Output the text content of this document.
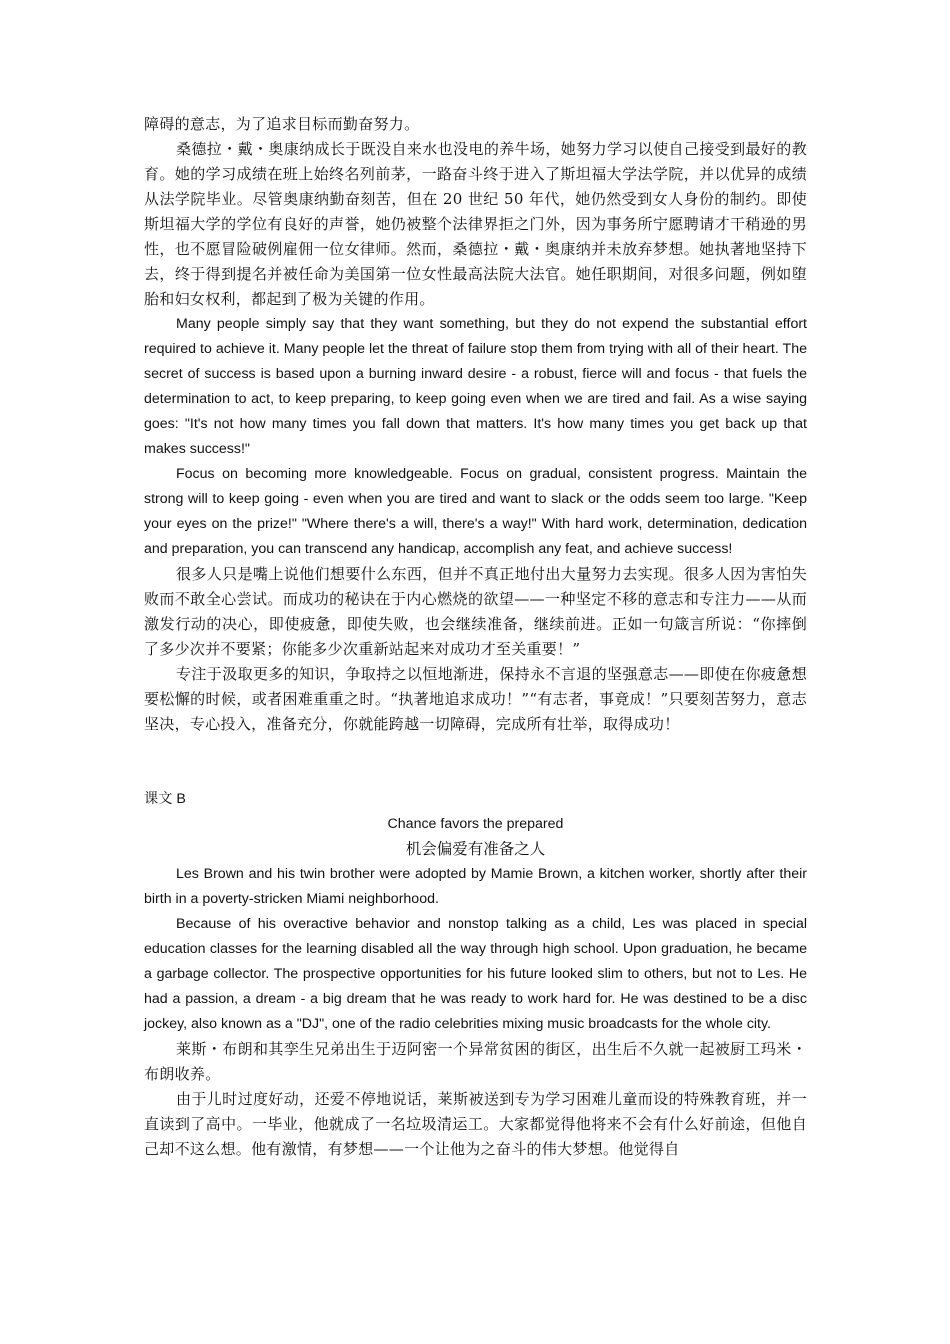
障碍的意志，为了追求目标而勤奋努力。

桑德拉・戴・奥康纳成长于既没自来水也没电的养牛场，她努力学习以使自己接受到最好的教育。她的学习成绩在班上始终名列前茅，一路奋斗终于进入了斯坦福大学法学院，并以优异的成绩从法学院毕业。尽管奥康纳勤奋刻苦，但在 20 世纪 50 年代，她仍然受到女人身份的制约。即使斯坦福大学的学位有良好的声誉，她仍被整个法律界拒之门外，因为事务所宁愿聘请才干稍逊的男性，也不愿冒险破例雇佣一位女律师。然而，桑德拉・戴・奥康纳并未放弃梦想。她执著地坚持下去，终于得到提名并被任命为美国第一位女性最高法院大法官。她任职期间，对很多问题，例如堕胎和妇女权利，都起到了极为关键的作用。

Many people simply say that they want something, but they do not expend the substantial effort required to achieve it. Many people let the threat of failure stop them from trying with all of their heart. The secret of success is based upon a burning inward desire - a robust, fierce will and focus - that fuels the determination to act, to keep preparing, to keep going even when we are tired and fail. As a wise saying goes: "It's not how many times you fall down that matters. It's how many times you get back up that makes success!"

Focus on becoming more knowledgeable. Focus on gradual, consistent progress. Maintain the strong will to keep going - even when you are tired and want to slack or the odds seem too large. "Keep your eyes on the prize!" "Where there's a will, there's a way!" With hard work, determination, dedication and preparation, you can transcend any handicap, accomplish any feat, and achieve success!

很多人只是嘴上说他们想要什么东西，但并不真正地付出大量努力去实现。很多人因为害怕失败而不敢全心尝试。而成功的秘诀在于内心燃烧的欲望——一种坚定不移的意志和专注力——从而激发行动的决心，即使疲惫，即使失败，也会继续准备，继续前进。正如一句箴言所说：“你摔倒了多少次并不要紧；你能多少次重新站起来对成功才至关重要！”

专注于汲取更多的知识，争取持之以恒地渐进，保持永不言退的坚强意志——即使在你疲惫想要松懈的时候，或者困难重重之时。“执著地追求成功！”“有志者，事竟成！”只要刻苦努力，意志坚决，专心投入，准备充分，你就能跨越一切障碍，完成所有壮举，取得成功！

课文 B

Chance favors the prepared

机会偏爱有准备之人

Les Brown and his twin brother were adopted by Mamie Brown, a kitchen worker, shortly after their birth in a poverty-stricken Miami neighborhood.

Because of his overactive behavior and nonstop talking as a child, Les was placed in special education classes for the learning disabled all the way through high school. Upon graduation, he became a garbage collector. The prospective opportunities for his future looked slim to others, but not to Les. He had a passion, a dream - a big dream that he was ready to work hard for. He was destined to be a disc jockey, also known as a "DJ", one of the radio celebrities mixing music broadcasts for the whole city.

莱斯・布朗和其孪生兄弟出生于迈阿密一个异常贫困的街区，出生后不久就一起被厨工玛米・布朗收养。

由于儿时过度好动，还爱不停地说话，莱斯被送到专为学习困难儿童而设的特殊教育班，并一直读到了高中。一毕业，他就成了一名垃圾清运工。大家都觉得他将来不会有什么好前途，但他自己却不这么想。他有激情，有梦想——一个让他为之奋斗的伟大梦想。他觉得自
